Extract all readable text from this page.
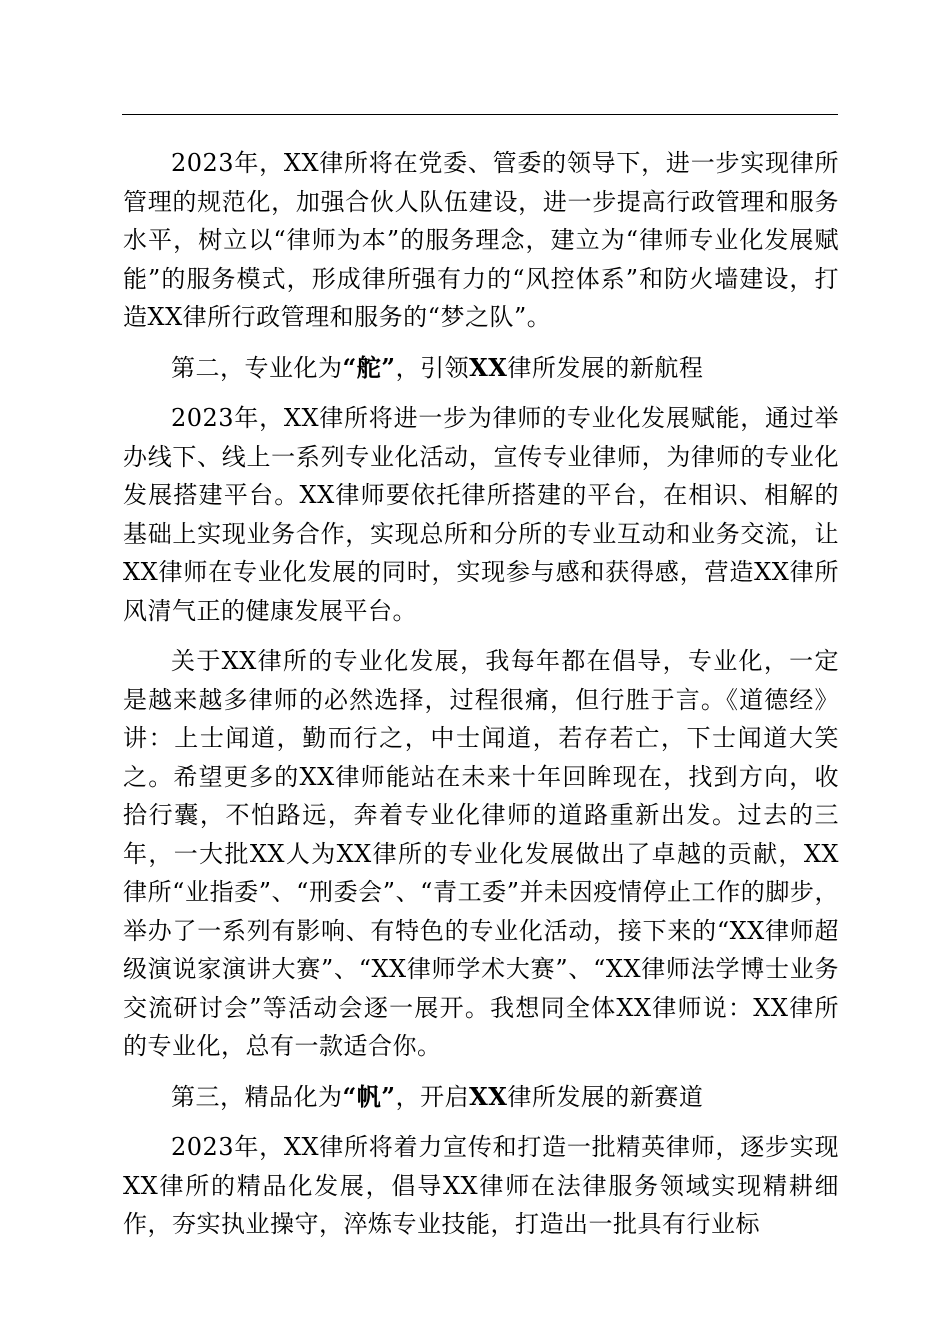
2023年，XX律所将在党委、管委的领导下，进一步实现律所管理的规范化，加强合伙人队伍建设，进一步提高行政管理和服务水平，树立以“律师为本”的服务理念，建立为“律师专业化发展赋能”的服务模式，形成律所强有力的“风控体系”和防火墙建设，打造XX律所行政管理和服务的“梦之队”。

第二，专业化为“舵”，引领XX律所发展的新航程

2023年，XX律所将进一步为律师的专业化发展赋能，通过举办线下、线上一系列专业化活动，宣传专业律师，为律师的专业化发展搭建平台。XX律师要依托律所搭建的平台，在相识、相解的基础上实现业务合作，实现总所和分所的专业互动和业务交流，让XX律师在专业化发展的同时，实现参与感和获得感，营造XX律所风清气正的健康发展平台。

关于XX律所的专业化发展，我每年都在倡导，专业化，一定是越来越多律师的必然选择，过程很痛，但行胜于言。《道德经》讲：上士闻道，勤而行之，中士闻道，若存若亡，下士闻道大笑之。希望更多的XX律师能站在未来十年回眸现在，找到方向，收拾行囊，不怕路远，奔着专业化律师的道路重新出发。过去的三年，一大批XX人为XX律所的专业化发展做出了卓越的贡献，XX律所“业指委”、“刑委会”、“青工委”并未因疫情停止工作的脚步，举办了一系列有影响、有特色的专业化活动，接下来的“XX律师超级演说家演讲大赛”、“XX律师学术大赛”、“XX律师法学博士业务交流研讨会”等活动会逐一展开。我想同全体XX律师说：XX律所的专业化，总有一款适合你。

第三，精品化为“帆”，开启XX律所发展的新赛道

2023年，XX律所将着力宣传和打造一批精英律师，逐步实现XX律所的精品化发展，倡导XX律师在法律服务领域实现精耕细作，夯实执业操守，淬炼专业技能，打造出一批具有行业标
